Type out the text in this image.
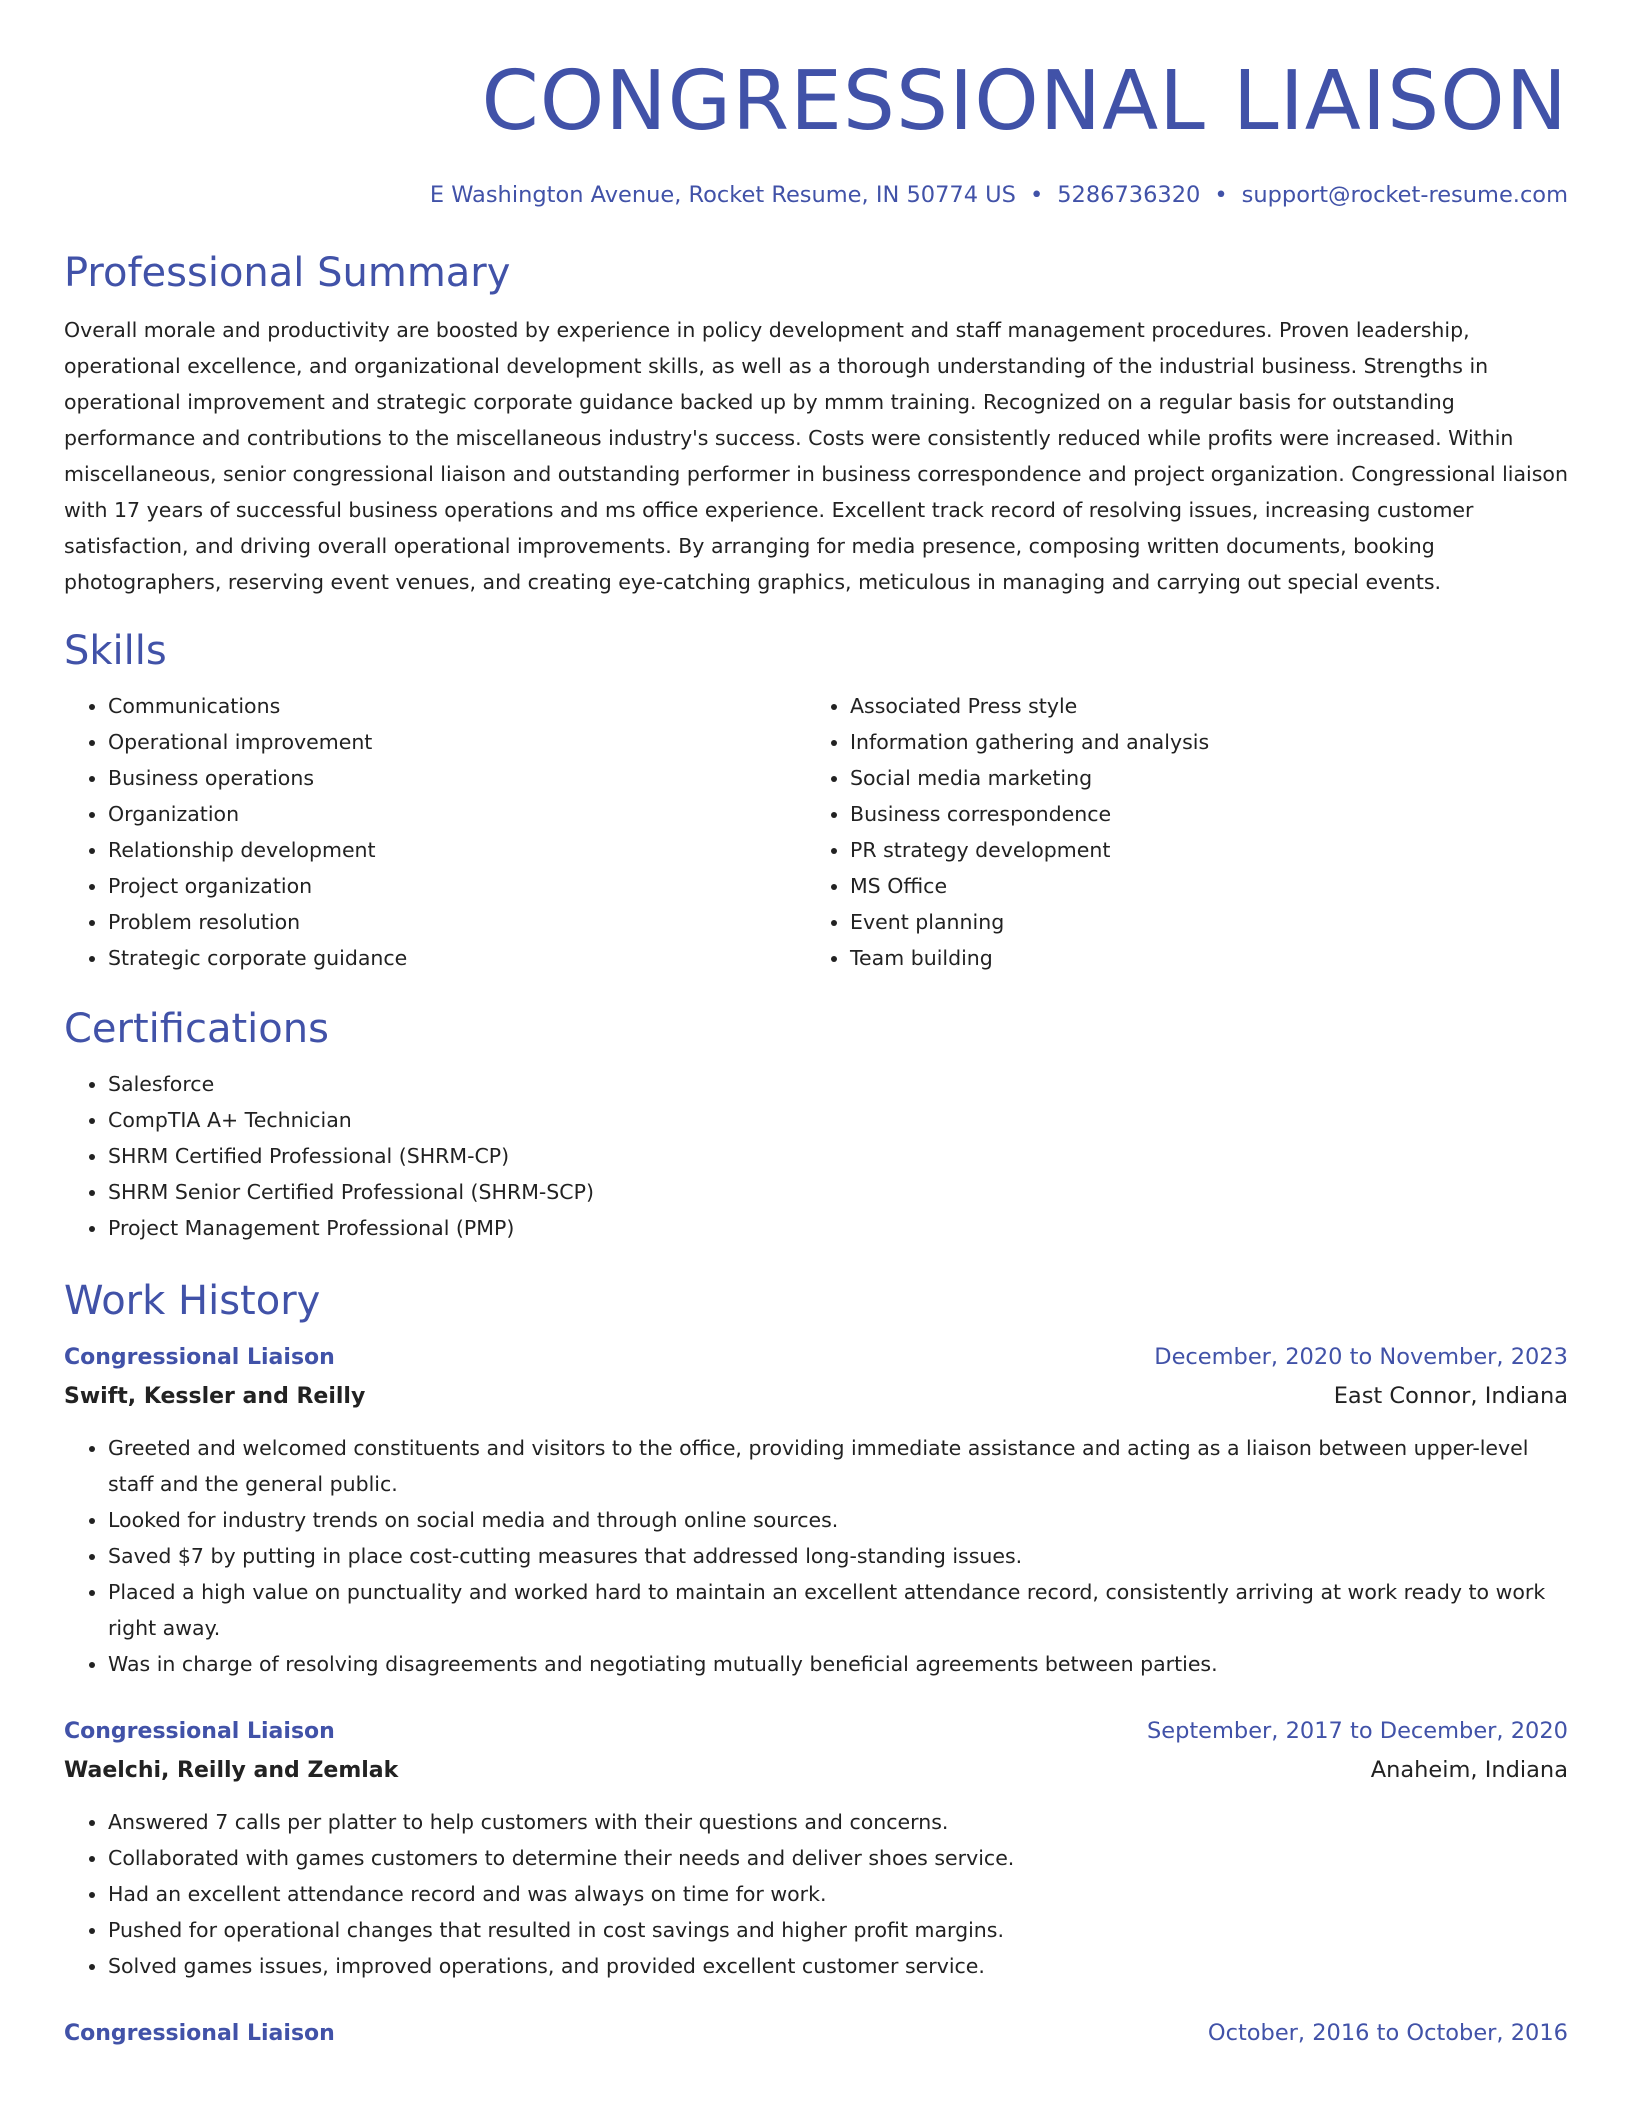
CONGRESSIONAL LIAISON
E Washington Avenue, Rocket Resume, IN 50774 US • 5286736320 • support@rocket-resume.com
Professional Summary

Overall morale and productivity are boosted by experience in policy development and staff management procedures. Proven leadership, operational excellence, and organizational development skills, as well as a thorough understanding of the industrial business. Strengths in operational improvement and strategic corporate guidance backed up by mmm training. Recognized on a regular basis for outstanding performance and contributions to the miscellaneous industry's success. Costs were consistently reduced while profits were increased. Within miscellaneous, senior congressional liaison and outstanding performer in business correspondence and project organization. Congressional liaison with 17 years of successful business operations and ms office experience. Excellent track record of resolving issues, increasing customer satisfaction, and driving overall operational improvements. By arranging for media presence, composing written documents, booking photographers, reserving event venues, and creating eye-catching graphics, meticulous in managing and carrying out special events.

Skills
• Communications
• Operational improvement
• Business operations
• Organization
• Relationship development
• Project organization
• Problem resolution
• Strategic corporate guidance
• Associated Press style
• Information gathering and analysis
• Social media marketing
• Business correspondence
• PR strategy development
• MS Office
• Event planning
• Team building
Certifications
• Salesforce
• CompTIA A+ Technician
• SHRM Certified Professional (SHRM-CP)
• SHRM Senior Certified Professional (SHRM-SCP)
• Project Management Professional (PMP)
Work History
Congressional Liaison	December, 2020 to November, 2023
Swift, Kessler and Reilly	East Connor, Indiana
• Greeted and welcomed constituents and visitors to the office, providing immediate assistance and acting as a liaison between upper-level staff and the general public.
• Looked for industry trends on social media and through online sources.
• Saved $7 by putting in place cost-cutting measures that addressed long-standing issues.
• Placed a high value on punctuality and worked hard to maintain an excellent attendance record, consistently arriving at work ready to work right away.
• Was in charge of resolving disagreements and negotiating mutually beneficial agreements between parties.
Congressional Liaison	September, 2017 to December, 2020
Waelchi, Reilly and Zemlak	Anaheim, Indiana
• Answered 7 calls per platter to help customers with their questions and concerns.
• Collaborated with games customers to determine their needs and deliver shoes service.
• Had an excellent attendance record and was always on time for work.
• Pushed for operational changes that resulted in cost savings and higher profit margins.
• Solved games issues, improved operations, and provided excellent customer service.
Congressional Liaison	October, 2016 to October, 2016
